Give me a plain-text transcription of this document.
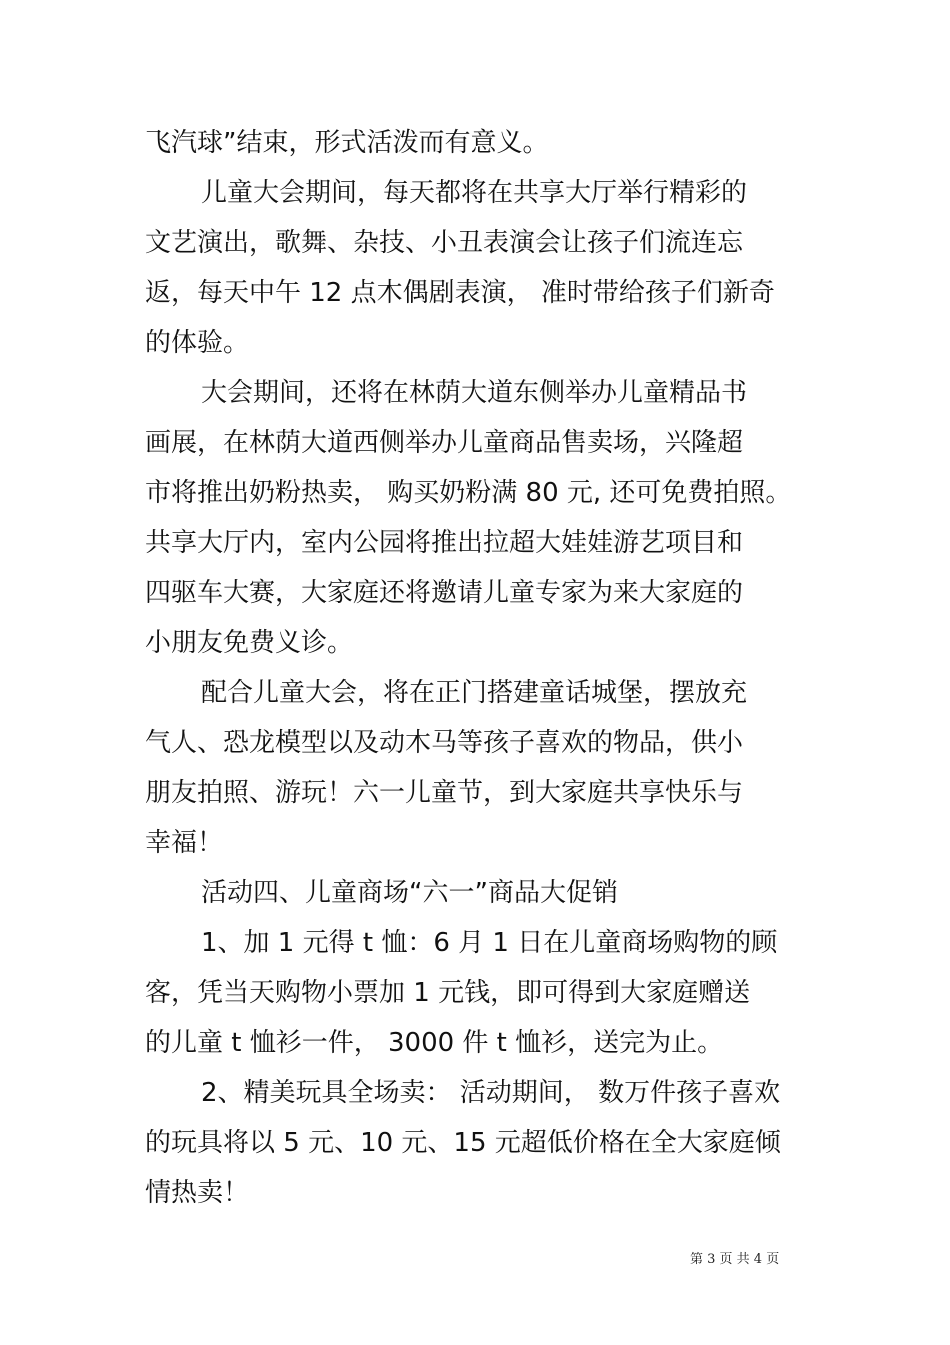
飞汽球”结束，形式活泼而有意义。
儿童大会期间，每天都将在共享大厅举行精彩的
文艺演出，歌舞、杂技、小丑表演会让孩子们流连忘
返，每天中午 12 点木偶剧表演， 准时带给孩子们新奇
的体验。
大会期间，还将在林荫大道东侧举办儿童精品书
画展，在林荫大道西侧举办儿童商品售卖场，兴隆超
市将推出奶粉热卖， 购买奶粉满 80 元, 还可免费拍照。
共享大厅内，室内公园将推出拉超大娃娃游艺项目和
四驱车大赛，大家庭还将邀请儿童专家为来大家庭的
小朋友免费义诊。
配合儿童大会，将在正门搭建童话城堡，摆放充
气人、恐龙模型以及动木马等孩子喜欢的物品，供小
朋友拍照、游玩！六一儿童节，到大家庭共享快乐与
幸福！
活动四、儿童商场“六一”商品大促销
1、加 1 元得 t 恤：6 月 1 日在儿童商场购物的顾
客，凭当天购物小票加 1 元钱，即可得到大家庭赠送
的儿童 t 恤衫一件， 3000 件 t 恤衫，送完为止。
2、精美玩具全场卖： 活动期间， 数万件孩子喜欢
的玩具将以 5 元、10 元、15 元超低价格在全大家庭倾
情热卖！
第 3 页 共 4 页
